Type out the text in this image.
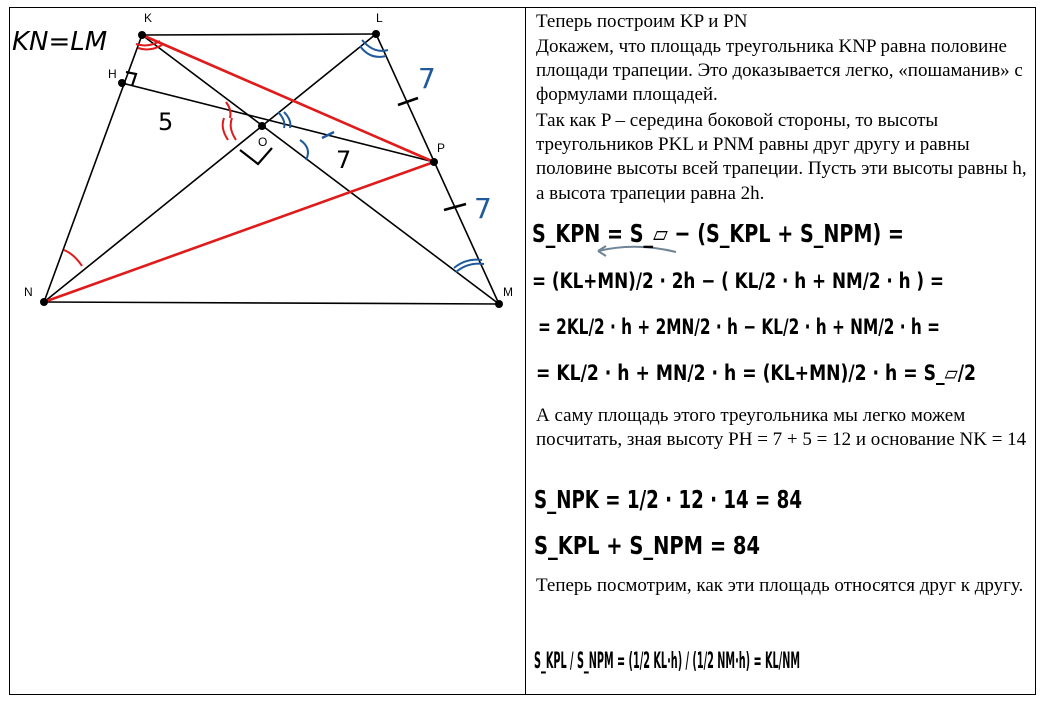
K	L
H
O	P
N	M
KN=LM
5
7
7
7
Теперь построим KP и PN
Докажем, что площадь треугольника KNP равна половине площади трапеции. Это доказывается легко, «пошаманив» с формулами площадей.
Так как P – середина боковой стороны, то высоты треугольников PKL и PNM равны друг другу и равны половине высоты всей трапеции. Пусть эти высоты равны h, а высота трапеции равна 2h.
S_KPN = S_▱ − (S_KPL + S_NPM) =
= (KL+MN)/2 · 2h − ( KL/2 · h + NM/2 · h ) =
= 2KL/2 · h + 2MN/2 · h − KL/2 · h + NM/2 · h =
= KL/2 · h + MN/2 · h = (KL+MN)/2 · h = S_▱/2
А саму площадь этого треугольника мы легко можем посчитать, зная высоту PH = 7 + 5 = 12 и основание NK = 14
S_NPK = 1/2 · 12 · 14 = 84
S_KPL + S_NPM = 84
Теперь посмотрим, как эти площадь относятся друг к другу.
S_KPL / S_NPM = (1/2 KL·h) / (1/2 NM·h) = KL/NM
